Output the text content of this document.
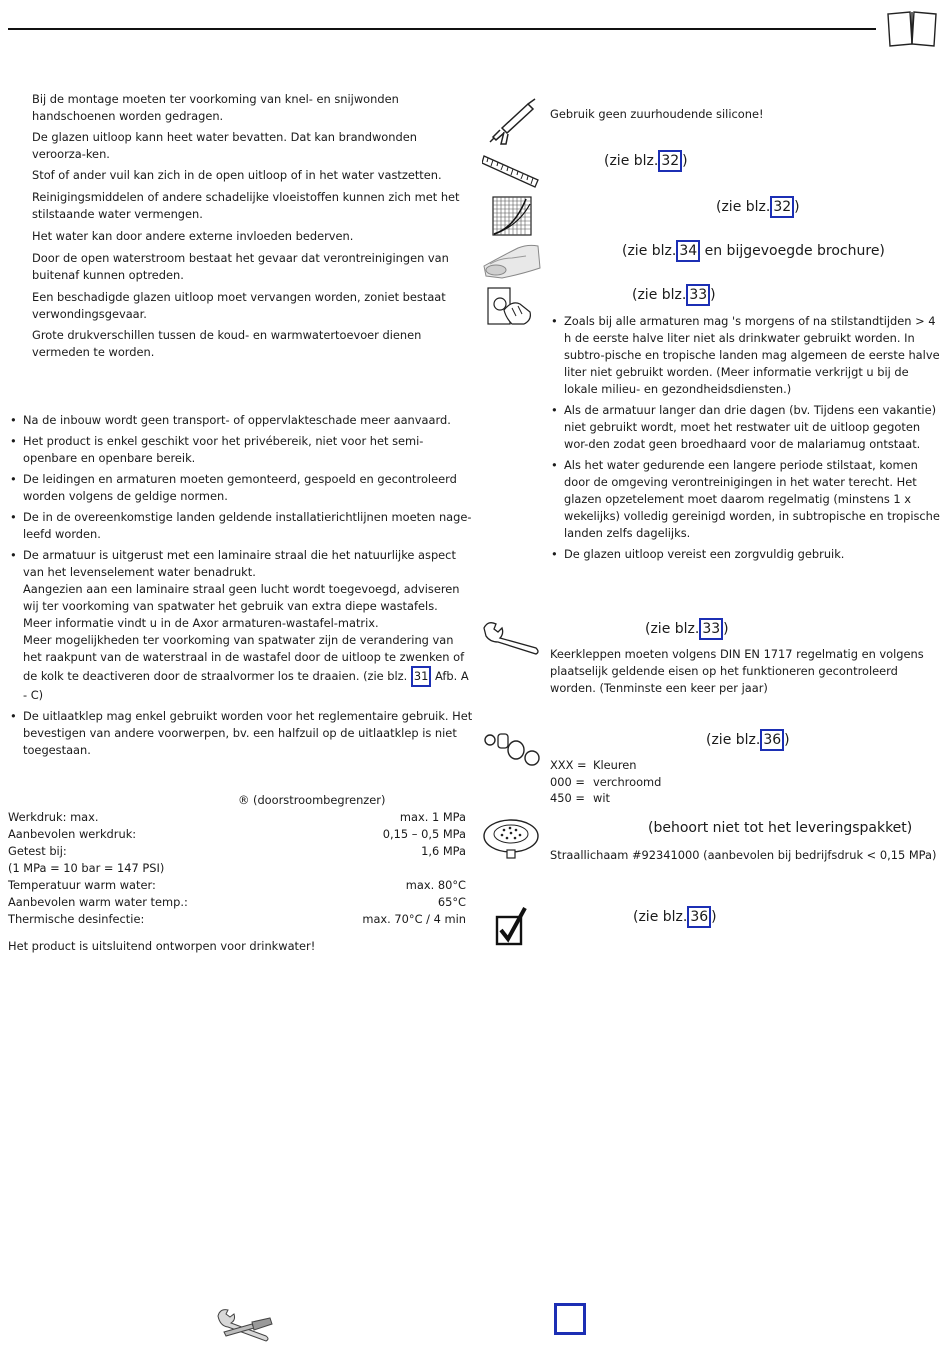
Bij de montage moeten ter voorkoming van knel- en snijwonden handschoenen worden gedragen.

De glazen uitloop kann heet water bevatten. Dat kan brandwonden veroorza-ken.

Stof of ander vuil kan zich in de open uitloop of in het water vastzetten.

Reinigingsmiddelen of andere schadelijke vloeistoffen kunnen zich met het stilstaande water vermengen.

Het water kan door andere externe invloeden bederven.

Door de open waterstroom bestaat het gevaar dat verontreinigingen van buitenaf kunnen optreden.

Een beschadigde glazen uitloop moet vervangen worden, zoniet bestaat verwondingsgevaar.

Grote drukverschillen tussen de koud- en warmwatertoevoer dienen vermeden te worden.

• Na de inbouw wordt geen transport- of oppervlakteschade meer aanvaard.
• Het product is enkel geschikt voor het privébereik, niet voor het semi-openbare en openbare bereik.
• De leidingen en armaturen moeten gemonteerd, gespoeld en gecontroleerd worden volgens de geldige normen.
• De in de overeenkomstige landen geldende installatierichtlijnen moeten nage-leefd worden.
• De armatuur is uitgerust met een laminaire straal die het natuurlijke aspect van het levenselement water benadrukt.
Aangezien aan een laminaire straal geen lucht wordt toegevoegd, adviseren wij ter voorkoming van spatwater het gebruik van extra diepe wastafels.
Meer informatie vindt u in de Axor armaturen-wastafel-matrix.
Meer mogelijkheden ter voorkoming van spatwater zijn de verandering van het raakpunt van de waterstraal in de wastafel door de uitloop te zwenken of de kolk te deactiveren door de straalvormer los te draaien. (zie blz. 31 Afb. A - C)
• De uitlaatklep mag enkel gebruikt worden voor het reglementaire gebruik. Het bevestigen van andere voorwerpen, bv. een halfzuil op de uitlaatklep is niet toegestaan.
® (doorstroombegrenzer)
Werkdruk: max.	max. 1 MPa
Aanbevolen werkdruk:	0,15 – 0,5 MPa
Getest bij:	1,6 MPa
(1 MPa = 10 bar = 147 PSI)
Temperatuur warm water:	max. 80°C
Aanbevolen warm water temp.:	65°C
Thermische desinfectie:	max. 70°C / 4 min
Het product is uitsluitend ontworpen voor drinkwater!
Gebruik geen zuurhoudende silicone!
(zie blz. 32 )
(zie blz. 32 )
(zie blz. 34 en bijgevoegde brochure)
(zie blz. 33 )
• Zoals bij alle armaturen mag 's morgens of na stilstandtijden > 4 h de eerste halve liter niet als drinkwater gebruikt worden. In subtro-pische en tropische landen mag algemeen de eerste halve liter niet gebruikt worden. (Meer informatie verkrijgt u bij de lokale milieu- en gezondheidsdiensten.)
• Als de armatuur langer dan drie dagen (bv. Tijdens een vakantie) niet gebruikt wordt, moet het restwater uit de uitloop gegoten wor-den zodat geen broedhaard voor de malariamug ontstaat.
• Als het water gedurende een langere periode stilstaat, komen door de omgeving verontreinigingen in het water terecht. Het glazen opzetelement moet daarom regelmatig (minstens 1 x wekelijks) volledig gereinigd worden, in subtropische en tropische landen zelfs dagelijks.
• De glazen uitloop vereist een zorgvuldig gebruik.
(zie blz. 33 )
Keerkleppen moeten volgens DIN EN 1717 regelmatig en volgens plaatselijk geldende eisen op het funktioneren gecontroleerd worden. (Tenminste een keer per jaar)
(zie blz. 36 )
XXX = Kleuren
000 = verchroomd
450 = wit
(behoort niet tot het leveringspakket)
Straallichaam #92341000 (aanbevolen bij bedrijfsdruk < 0,15 MPa)
(zie blz. 36 )
